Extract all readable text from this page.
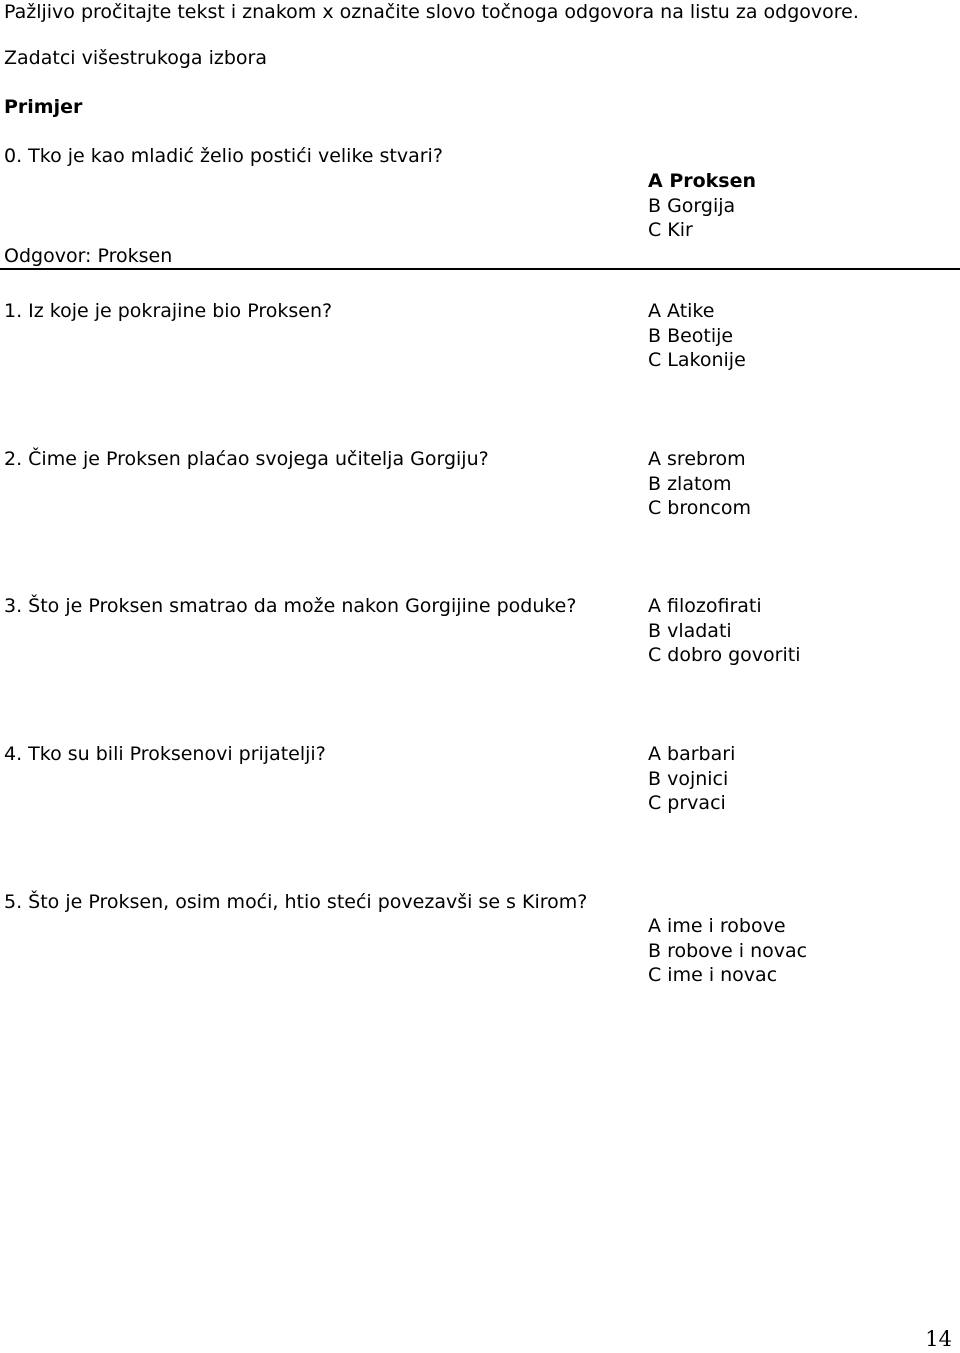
Pažljivo pročitajte tekst i znakom x označite slovo točnoga odgovora na listu za odgovore.
Zadatci višestrukoga izbora
Primjer
0. Tko je kao mladić želio postići velike stvari?
A Proksen
B Gorgija
C Kir
Odgovor: Proksen
1. Iz koje je pokrajine bio Proksen?	A Atike
B Beotije
C Lakonije
2. Čime je Proksen plaćao svojega učitelja Gorgiju?	A srebrom
B zlatom
C broncom
3. Što je Proksen smatrao da može nakon Gorgijine poduke?	A filozofirati
B vladati
C dobro govoriti
4. Tko su bili Proksenovi prijatelji?	A barbari
B vojnici
C prvaci
5. Što je Proksen, osim moći, htio steći povezavši se s Kirom?
A ime i robove
B robove i novac
C ime i novac
14
